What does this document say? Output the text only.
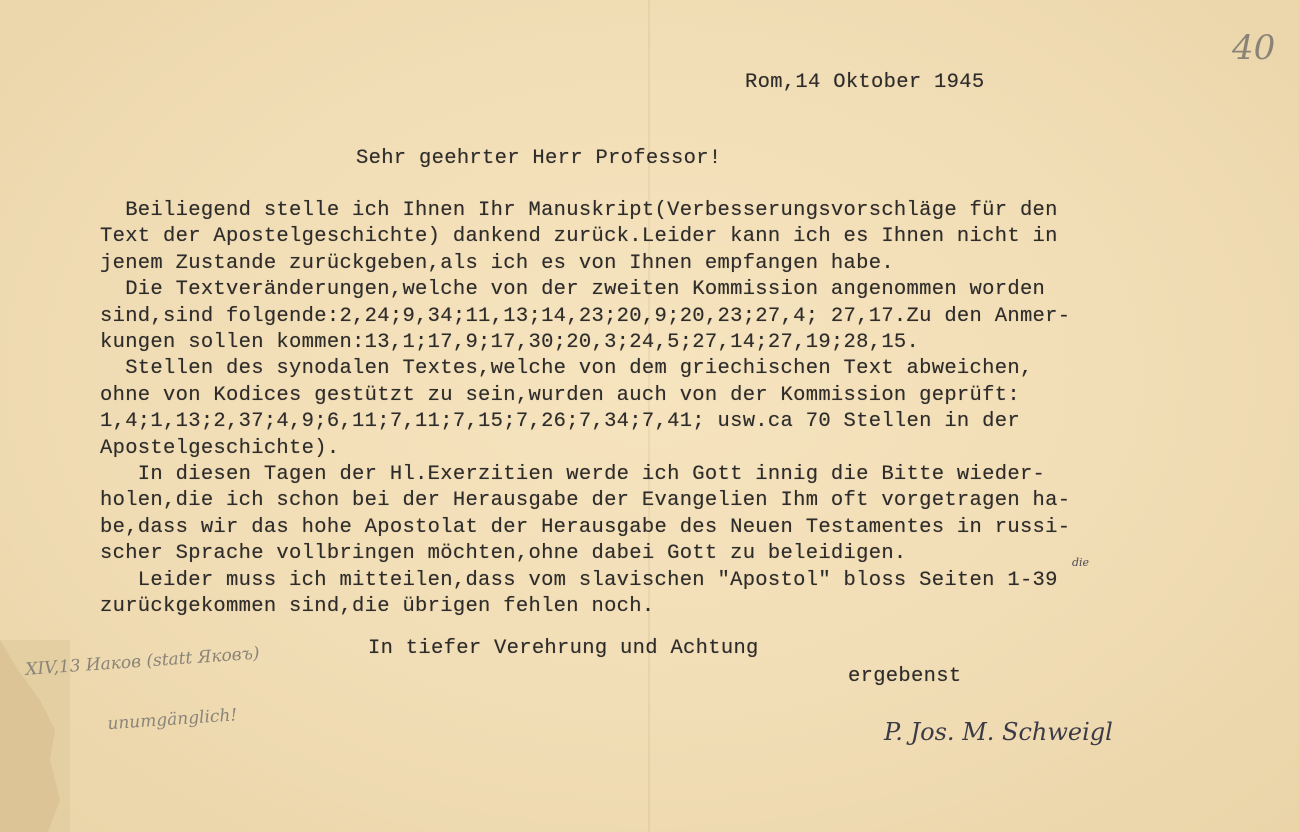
40
Rom,14 Oktober 1945
Sehr geehrter Herr Professor!
Beiliegend stelle ich Ihnen Ihr Manuskript(Verbesserungsvorschläge für den
Text der Apostelgeschichte) dankend zurück.Leider kann ich es Ihnen nicht in
jenem Zustande zurückgeben,als ich es von Ihnen empfangen habe.
Die Textveränderungen,welche von der zweiten Kommission angenommen worden
sind,sind folgende:2,24;9,34;11,13;14,23;20,9;20,23;27,4; 27,17.Zu den Anmer-
kungen sollen kommen:13,1;17,9;17,30;20,3;24,5;27,14;27,19;28,15.
Stellen des synodalen Textes,welche von dem griechischen Text abweichen,
ohne von Kodices gestützt zu sein,wurden auch von der Kommission geprüft:
1,4;1,13;2,37;4,9;6,11;7,11;7,15;7,26;7,34;7,41; usw.ca 70 Stellen in der
Apostelgeschichte).
In diesen Tagen der Hl.Exerzitien werde ich Gott innig die Bitte wieder-
holen,die ich schon bei der Herausgabe der Evangelien Ihm oft vorgetragen ha-
be,dass wir das hohe Apostolat der Herausgabe des Neuen Testamentes in russi-
scher Sprache vollbringen möchten,ohne dabei Gott zu beleidigen.
Leider muss ich mitteilen,dass vom slavischen "Apostol" bloss Seiten 1-39
zurückgekommen sind,die übrigen fehlen noch.
die
In tiefer Verehrung und Achtung
ergebenst
P. Jos. M. Schweigl

XIV,13 Иаков (statt Яковъ)

unumgänglich!
